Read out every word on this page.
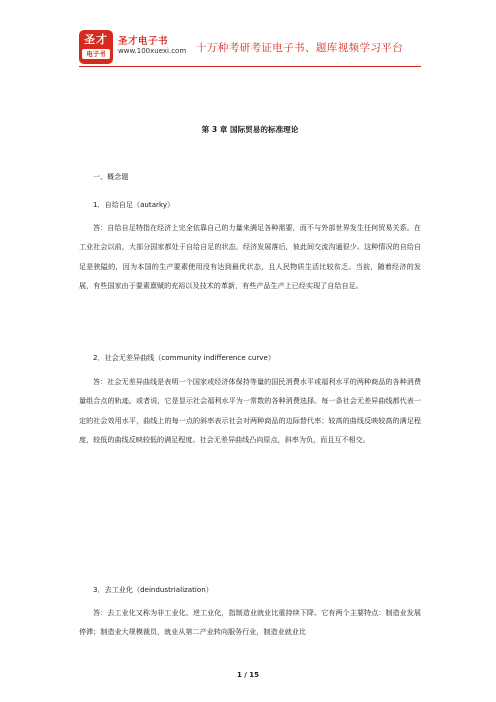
圣才
电子书
圣才电子书
www.100xuexi.com 十万种考研考证电子书、题库视频学习平台
第 3 章 国际贸易的标准理论
一、概念题
1．自给自足（autarky）
答：自给自足特指在经济上完全依靠自己的力量来满足各种需要，而不与外部世界发生任何贸易关系。在工业社会以前，大部分国家都处于自给自足的状态，经济发展落后，彼此间交流沟通很少。这种情况的自给自足是狭隘的，因为本国的生产要素使用没有达到最优状态，且人民物质生活比较贫乏。当前，随着经济的发展，有些国家由于要素禀赋的充裕以及技术的革新，有些产品生产上已经实现了自给自足。
2．社会无差异曲线（community indifference curve）
答：社会无差异曲线是表明一个国家或经济体保持等量的国民消费水平或福利水平的两种商品的各种消费量组合点的轨迹。或者说，它是显示社会福利水平为一常数的各种消费选择。每一条社会无差异曲线都代表一定的社会效用水平，曲线上的每一点的斜率表示社会对两种商品的边际替代率；较高的曲线反映较高的满足程度，较低的曲线反映较低的满足程度。社会无差异曲线凸向原点，斜率为负，而且互不相交。
3．去工业化（deindustrialization）
答：去工业化又称为非工业化、逆工业化，指制造业就业比重持续下降。它有两个主要特点：制造业发展停滞；制造业大规模裁员，就业从第二产业转向服务行业，制造业就业比
1 / 15
